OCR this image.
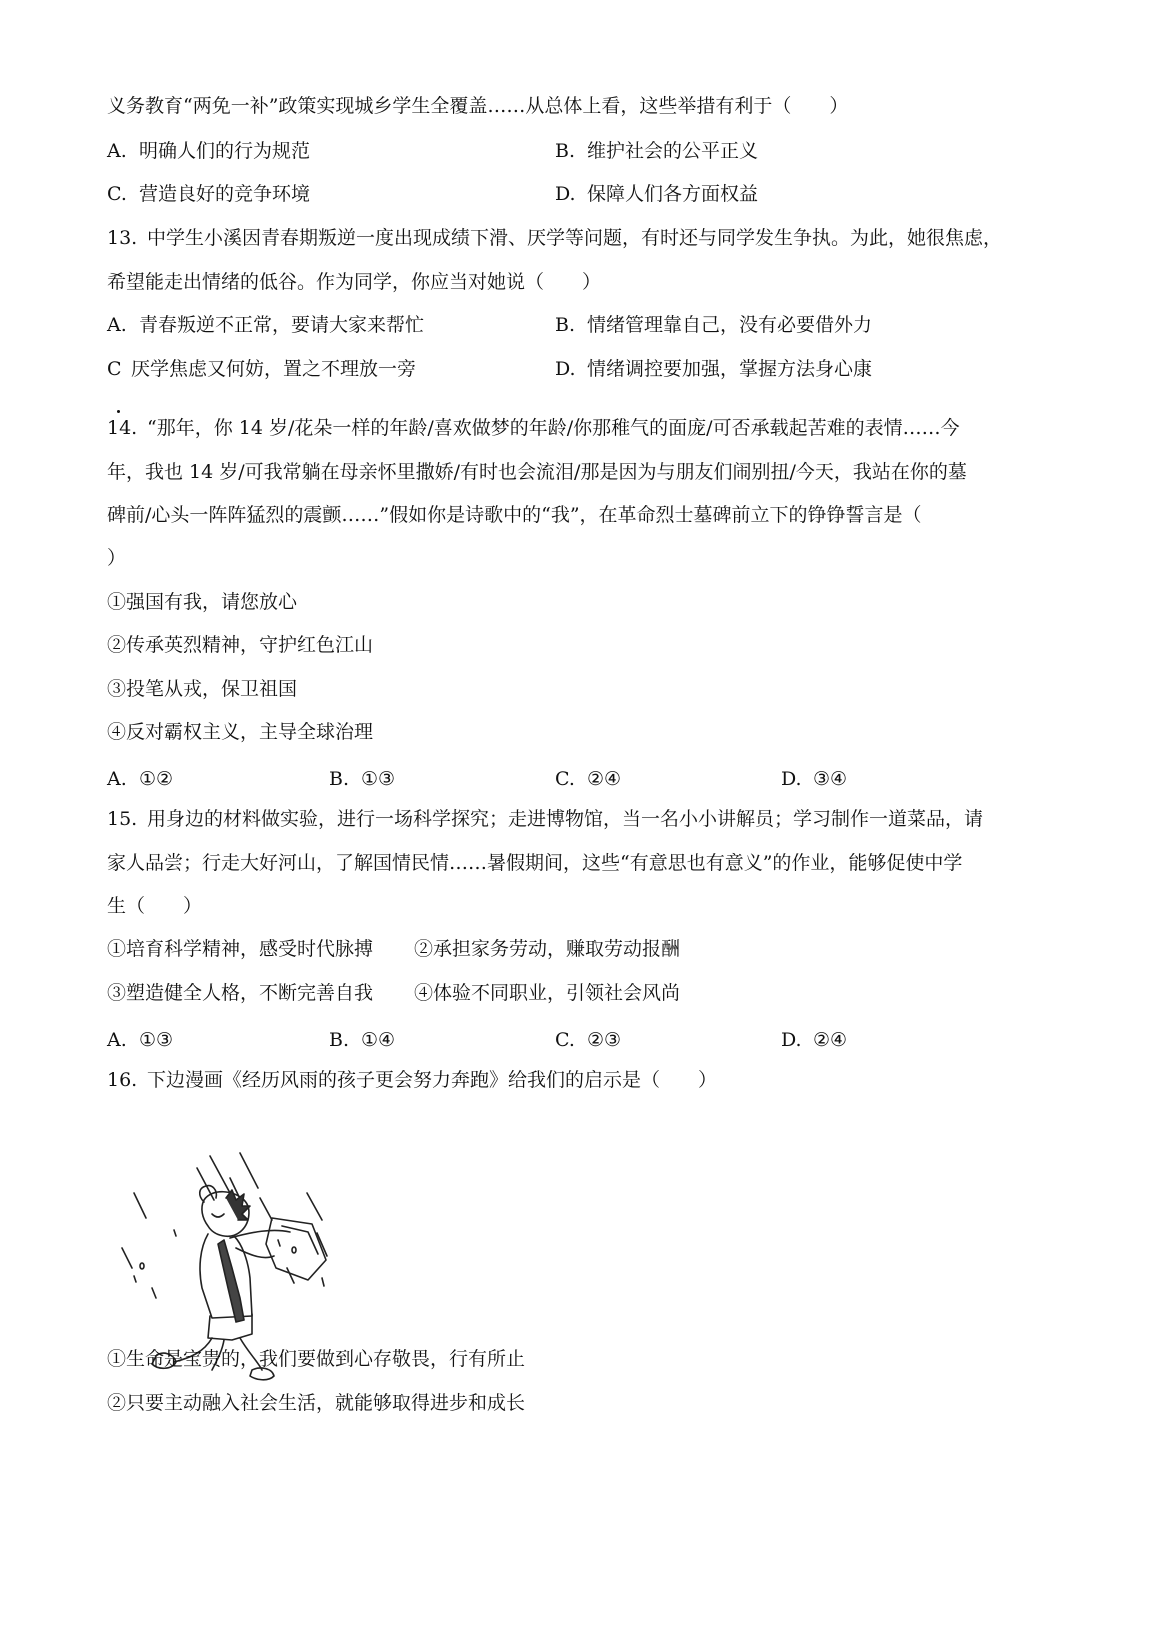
义务教育“两免一补”政策实现城乡学生全覆盖……从总体上看，这些举措有利于（　　）
A. 明确人们的行为规范	B. 维护社会的公平正义
C. 营造良好的竞争环境	D. 保障人们各方面权益
13. 中学生小溪因青春期叛逆一度出现成绩下滑、厌学等问题，有时还与同学发生争执。为此，她很焦虑，
希望能走出情绪的低谷。作为同学，你应当对她说（　　）
A. 青春叛逆不正常，要请大家来帮忙	B. 情绪管理靠自己，没有必要借外力
C 厌学焦虑又何妨，置之不理放一旁	D. 情绪调控要加强，掌握方法身心康
14. “那年，你 14 岁/花朵一样的年龄/喜欢做梦的年龄/你那稚气的面庞/可否承载起苦难的表情……今
年，我也 14 岁/可我常躺在母亲怀里撒娇/有时也会流泪/那是因为与朋友们闹别扭/今天，我站在你的墓
碑前/心头一阵阵猛烈的震颤……”假如你是诗歌中的“我”，在革命烈士墓碑前立下的铮铮誓言是（
）
①强国有我，请您放心
②传承英烈精神，守护红色江山
③投笔从戎，保卫祖国
④反对霸权主义，主导全球治理
A. ①②	B. ①③	C. ②④	D. ③④
15. 用身边的材料做实验，进行一场科学探究；走进博物馆，当一名小小讲解员；学习制作一道菜品，请
家人品尝；行走大好河山，了解国情民情……暑假期间，这些“有意思也有意义”的作业，能够促使中学
生（　　）
①培育科学精神，感受时代脉搏 ②承担家务劳动，赚取劳动报酬
③塑造健全人格，不断完善自我 ④体验不同职业，引领社会风尚
A. ①③	B. ①④	C. ②③	D. ②④
16. 下边漫画《经历风雨的孩子更会努力奔跑》给我们的启示是（　　）
①生命是宝贵的，我们要做到心存敬畏，行有所止
②只要主动融入社会生活，就能够取得进步和成长
